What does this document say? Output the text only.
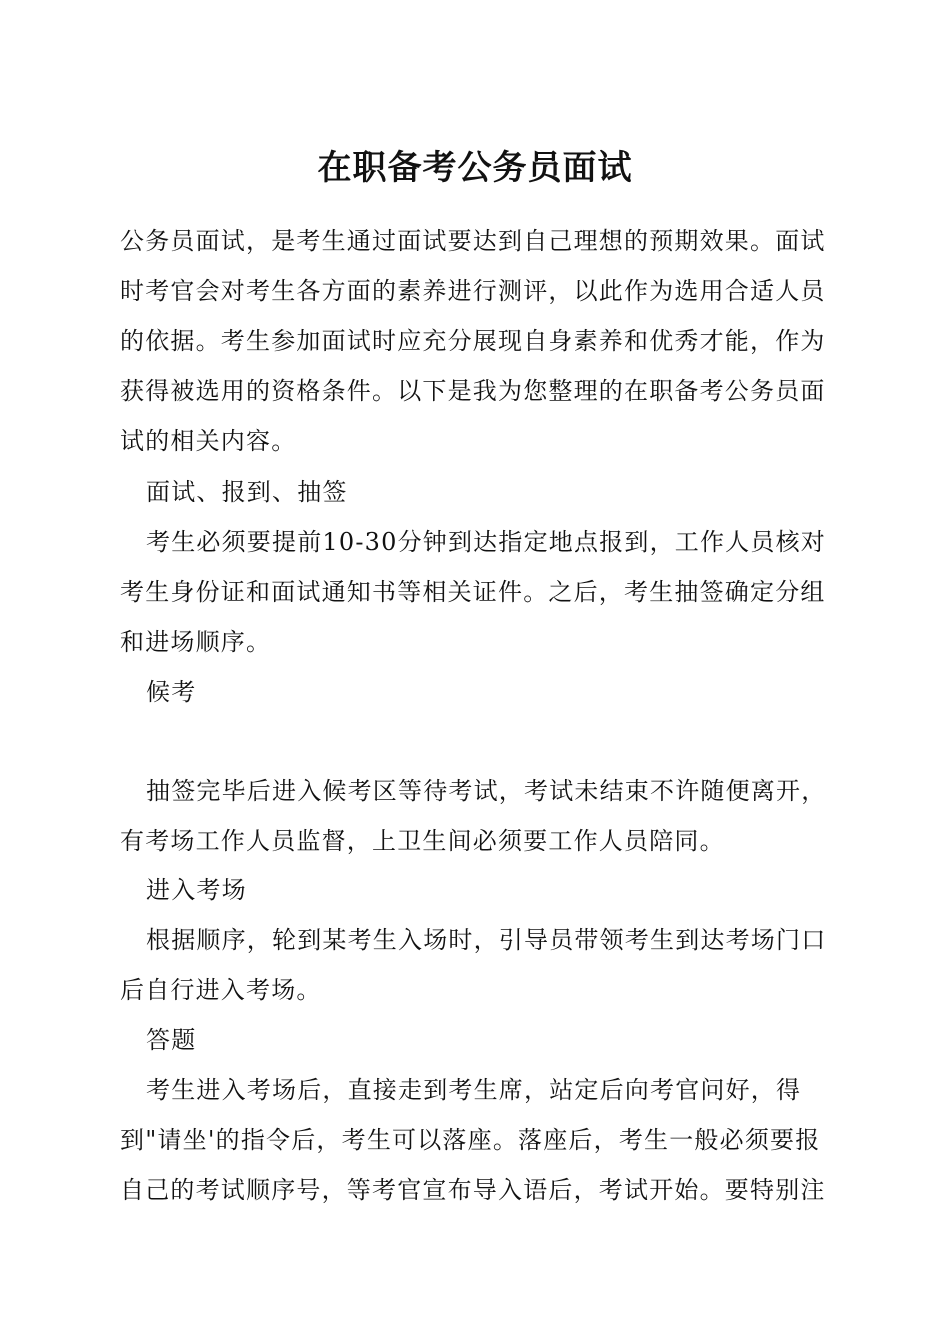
在职备考公务员面试

公务员面试，是考生通过面试要达到自己理想的预期效果。面试时考官会对考生各方面的素养进行测评，以此作为选用合适人员的依据。考生参加面试时应充分展现自身素养和优秀才能，作为获得被选用的资格条件。以下是我为您整理的在职备考公务员面试的相关内容。

面试、报到、抽签

考生必须要提前10-30分钟到达指定地点报到，工作人员核对考生身份证和面试通知书等相关证件。之后，考生抽签确定分组和进场顺序。

候考

抽签完毕后进入候考区等待考试，考试未结束不许随便离开，有考场工作人员监督，上卫生间必须要工作人员陪同。

进入考场

根据顺序，轮到某考生入场时，引导员带领考生到达考场门口后自行进入考场。

答题

考生进入考场后，直接走到考生席，站定后向考官问好，得到"请坐'的指令后，考生可以落座。落座后，考生一般必须要报自己的考试顺序号，等考官宣布导入语后，考试开始。要特别注
